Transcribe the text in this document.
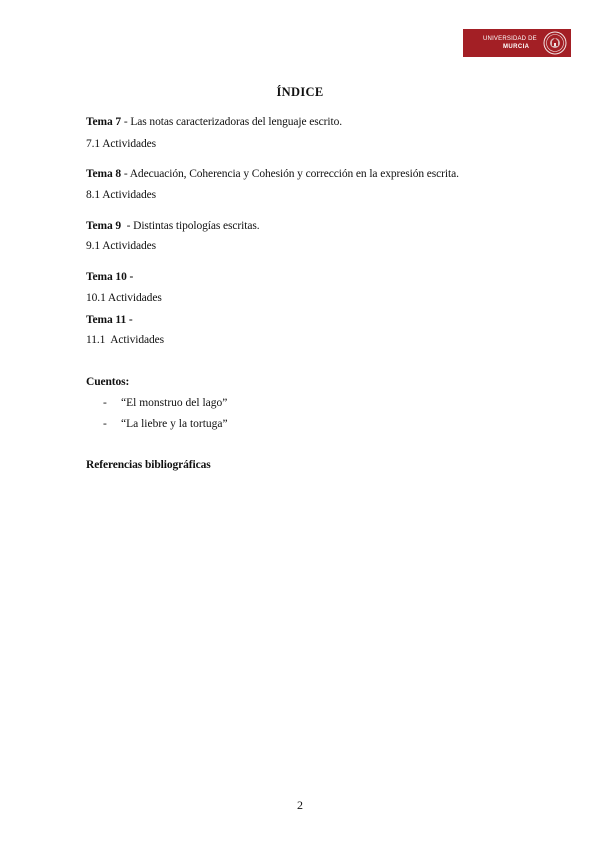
UNIVERSIDAD DE
MURCIA
ÍNDICE
Tema 7 - Las notas caracterizadoras del lenguaje escrito.
7.1 Actividades
Tema 8 - Adecuación, Coherencia y Cohesión y corrección en la expresión escrita.
8.1 Actividades
Tema 9  - Distintas tipologías escritas.
9.1 Actividades
Tema 10 -
10.1 Actividades
Tema 11 -
11.1  Actividades
Cuentos:
- “El monstruo del lago”
- “La liebre y la tortuga”
Referencias bibliográficas
2
